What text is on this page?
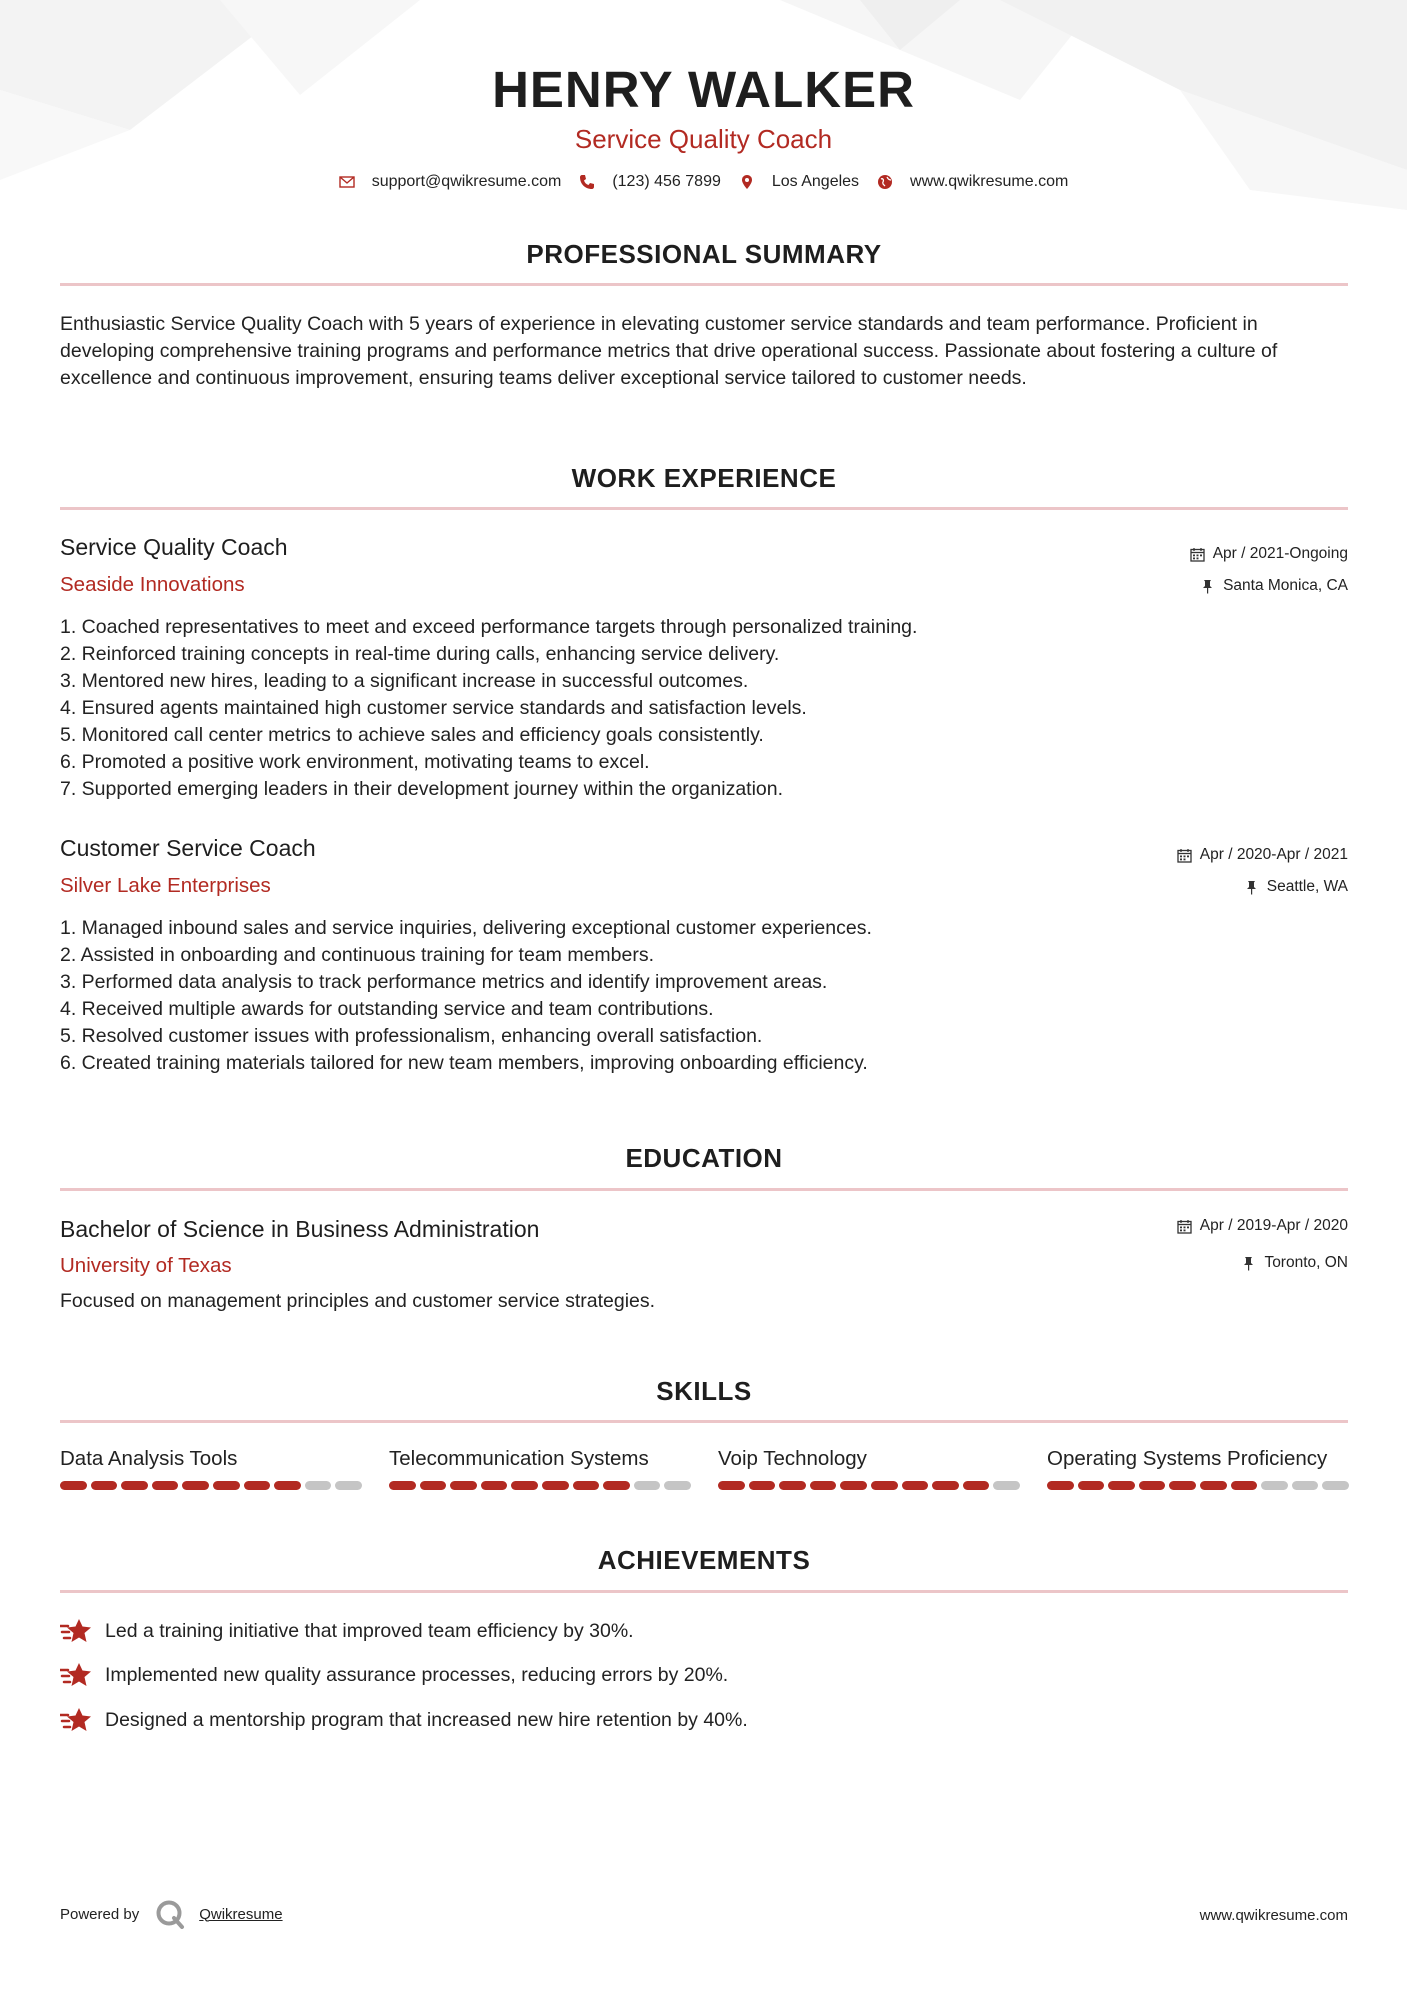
HENRY WALKER
Service Quality Coach
support@qwikresume.com	(123) 456 7899	Los Angeles	www.qwikresume.com
PROFESSIONAL SUMMARY
Enthusiastic Service Quality Coach with 5 years of experience in elevating customer service standards and team performance. Proficient in developing comprehensive training programs and performance metrics that drive operational success. Passionate about fostering a culture of excellence and continuous improvement, ensuring teams deliver exceptional service tailored to customer needs.
WORK EXPERIENCE
Service Quality Coach	Apr / 2021-Ongoing
Seaside Innovations	Santa Monica, CA
1. Coached representatives to meet and exceed performance targets through personalized training.
2. Reinforced training concepts in real-time during calls, enhancing service delivery.
3. Mentored new hires, leading to a significant increase in successful outcomes.
4. Ensured agents maintained high customer service standards and satisfaction levels.
5. Monitored call center metrics to achieve sales and efficiency goals consistently.
6. Promoted a positive work environment, motivating teams to excel.
7. Supported emerging leaders in their development journey within the organization.
Customer Service Coach	Apr / 2020-Apr / 2021
Silver Lake Enterprises	Seattle, WA
1. Managed inbound sales and service inquiries, delivering exceptional customer experiences.
2. Assisted in onboarding and continuous training for team members.
3. Performed data analysis to track performance metrics and identify improvement areas.
4. Received multiple awards for outstanding service and team contributions.
5. Resolved customer issues with professionalism, enhancing overall satisfaction.
6. Created training materials tailored for new team members, improving onboarding efficiency.
EDUCATION
Bachelor of Science in Business Administration	Apr / 2019-Apr / 2020
University of Texas	Toronto, ON
Focused on management principles and customer service strategies.
SKILLS
Data Analysis Tools	Telecommunication Systems	Voip Technology	Operating Systems Proficiency
ACHIEVEMENTS
Led a training initiative that improved team efficiency by 30%.
Implemented new quality assurance processes, reducing errors by 20%.
Designed a mentorship program that increased new hire retention by 40%.
Powered by	Qwikresume	www.qwikresume.com
